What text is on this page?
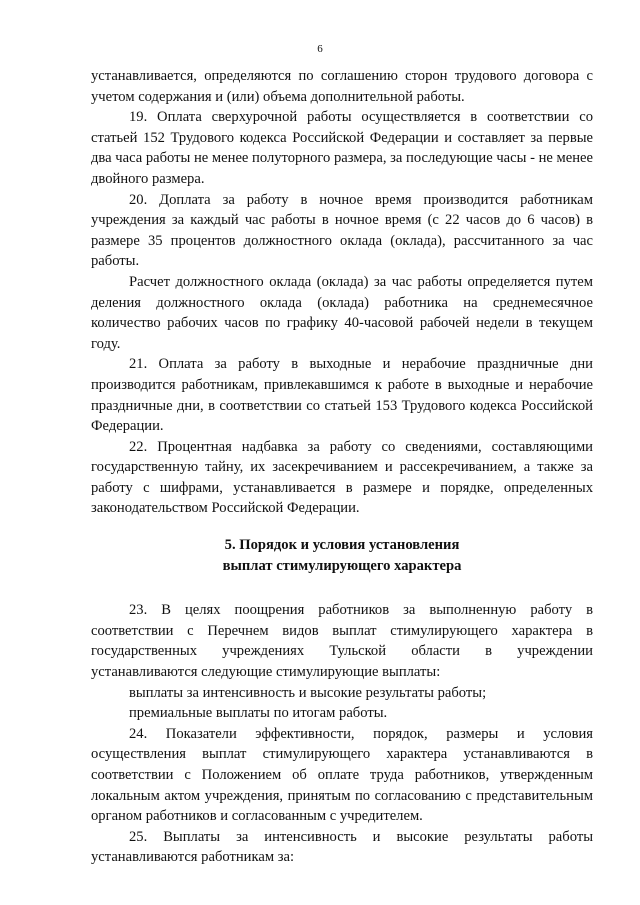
6

устанавливается, определяются по соглашению сторон трудового договора с учетом содержания и (или) объема дополнительной работы.

19. Оплата сверхурочной работы осуществляется в соответствии со статьей 152 Трудового кодекса Российской Федерации и составляет за первые два часа работы не менее полуторного размера, за последующие часы - не менее двойного размера.

20. Доплата за работу в ночное время производится работникам учреждения за каждый час работы в ночное время (с 22 часов до 6 часов) в размере 35 процентов должностного оклада (оклада), рассчитанного за час работы.

Расчет должностного оклада (оклада) за час работы определяется путем деления должностного оклада (оклада) работника на среднемесячное количество рабочих часов по графику 40-часовой рабочей недели в текущем году.

21. Оплата за работу в выходные и нерабочие праздничные дни производится работникам, привлекавшимся к работе в выходные и нерабочие праздничные дни, в соответствии со статьей 153 Трудового кодекса Российской Федерации.

22. Процентная надбавка за работу со сведениями, составляющими государственную тайну, их засекречиванием и рассекречиванием, а также за работу с шифрами, устанавливается в размере и порядке, определенных законодательством Российской Федерации.

5. Порядок и условия установления
выплат стимулирующего характера

23. В целях поощрения работников за выполненную работу в соответствии с Перечнем видов выплат стимулирующего характера в государственных учреждениях Тульской области в учреждении устанавливаются следующие стимулирующие выплаты:

выплаты за интенсивность и высокие результаты работы;

премиальные выплаты по итогам работы.

24. Показатели эффективности, порядок, размеры и условия осуществления выплат стимулирующего характера устанавливаются в соответствии с Положением об оплате труда работников, утвержденным локальным актом учреждения, принятым по согласованию с представительным органом работников и согласованным с учредителем.

25. Выплаты за интенсивность и высокие результаты работы устанавливаются работникам за:
